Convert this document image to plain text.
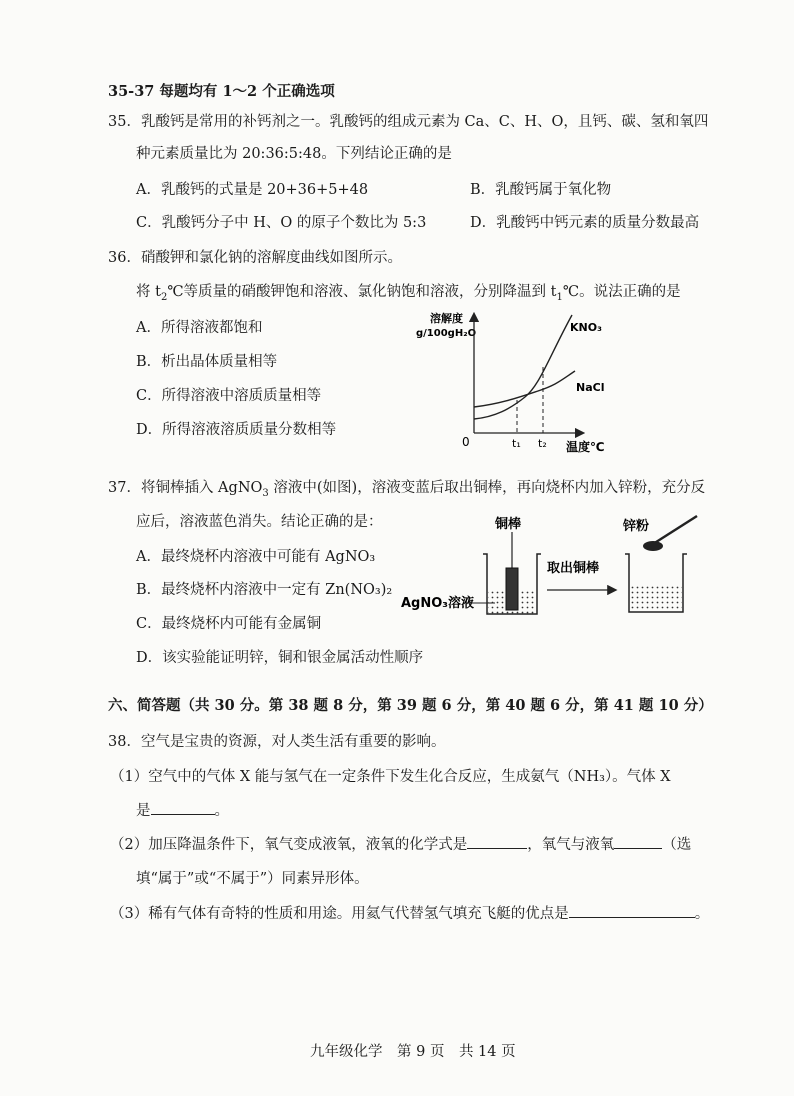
35-37 每题均有 1～2 个正确选项
35．乳酸钙是常用的补钙剂之一。乳酸钙的组成元素为 Ca、C、H、O，且钙、碳、氢和氧四
种元素质量比为 20:36:5:48。下列结论正确的是
A．乳酸钙的式量是 20+36+5+48	B．乳酸钙属于氧化物
C．乳酸钙分子中 H、O 的原子个数比为 5:3	D．乳酸钙中钙元素的质量分数最高
36．硝酸钾和氯化钠的溶解度曲线如图所示。
将 $t_2℃$等质量的硝酸钾饱和溶液、氯化钠饱和溶液，分别降温到 $t_1℃$。说法正确的是
A．所得溶液都饱和
B．析出晶体质量相等
C．所得溶液中溶质质量相等
D．所得溶液溶质质量分数相等
溶解度
g/100gH₂O
0	温度℃
t₁ t₂
KNO₃
NaCl
37．将铜棒插入 AgNO$_3$ 溶液中(如图)，溶液变蓝后取出铜棒，再向烧杯内加入锌粉，充分反
应后，溶液蓝色消失。结论正确的是：
A．最终烧杯内溶液中可能有 AgNO₃
B．最终烧杯内溶液中一定有 Zn(NO₃)₂
C．最终烧杯内可能有金属铜
D．该实验能证明锌，铜和银金属活动性顺序
铜棒
AgNO₃溶液
取出铜棒
锌粉
六、简答题（共 30 分。第 38 题 8 分，第 39 题 6 分，第 40 题 6 分，第 41 题 10 分）
38．空气是宝贵的资源，对人类生活有重要的影响。
（1）空气中的气体 X 能与氢气在一定条件下发生化合反应，生成氨气（NH₃）。气体 X
是	。
（2）加压降温条件下，氧气变成液氧，液氧的化学式是	，氧气与液氧	（选
填“属于”或“不属于”）同素异形体。
（3）稀有气体有奇特的性质和用途。用氦气代替氢气填充飞艇的优点是	。
九年级化学　第 9 页　共 14 页
